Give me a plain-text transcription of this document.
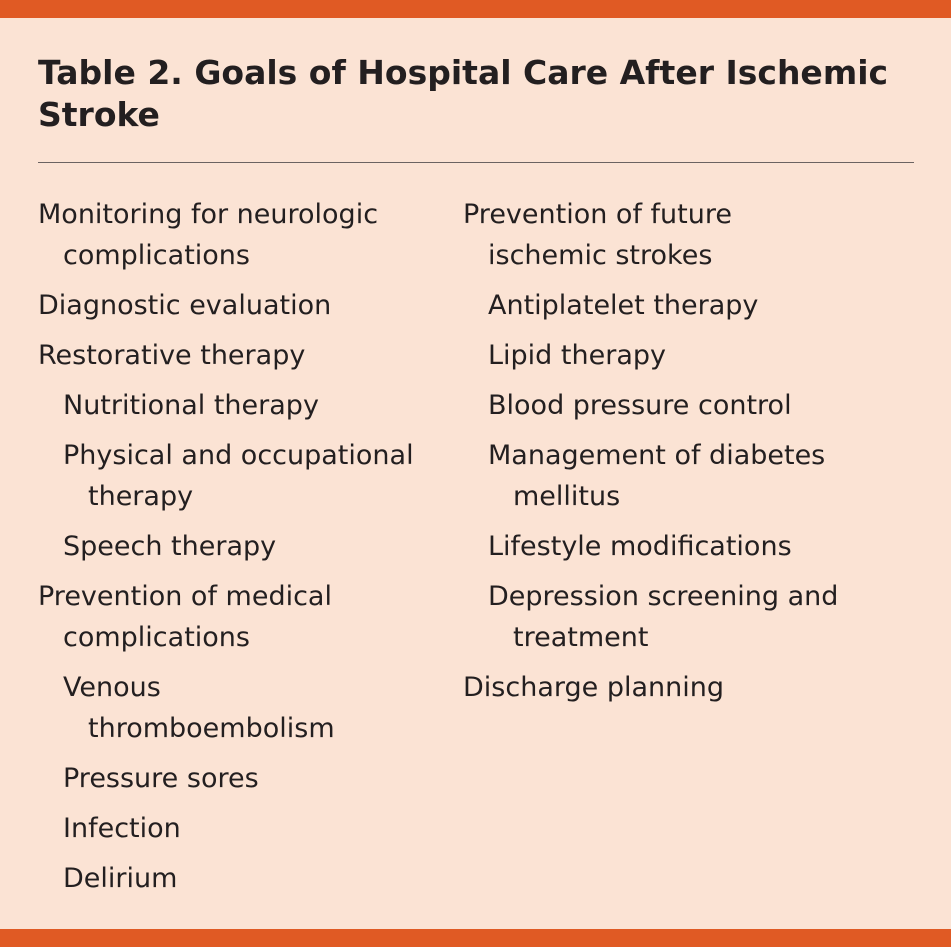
Table 2. Goals of Hospital Care After Ischemic Stroke
Monitoring for neurologic complications
Diagnostic evaluation
Restorative therapy
Nutritional therapy
Physical and occupational therapy
Speech therapy
Prevention of medical complications
Venous thromboembolism
Pressure sores
Infection
Delirium
Prevention of future ischemic strokes
Antiplatelet therapy
Lipid therapy
Blood pressure control
Management of diabetes mellitus
Lifestyle modifications
Depression screening and treatment
Discharge planning
